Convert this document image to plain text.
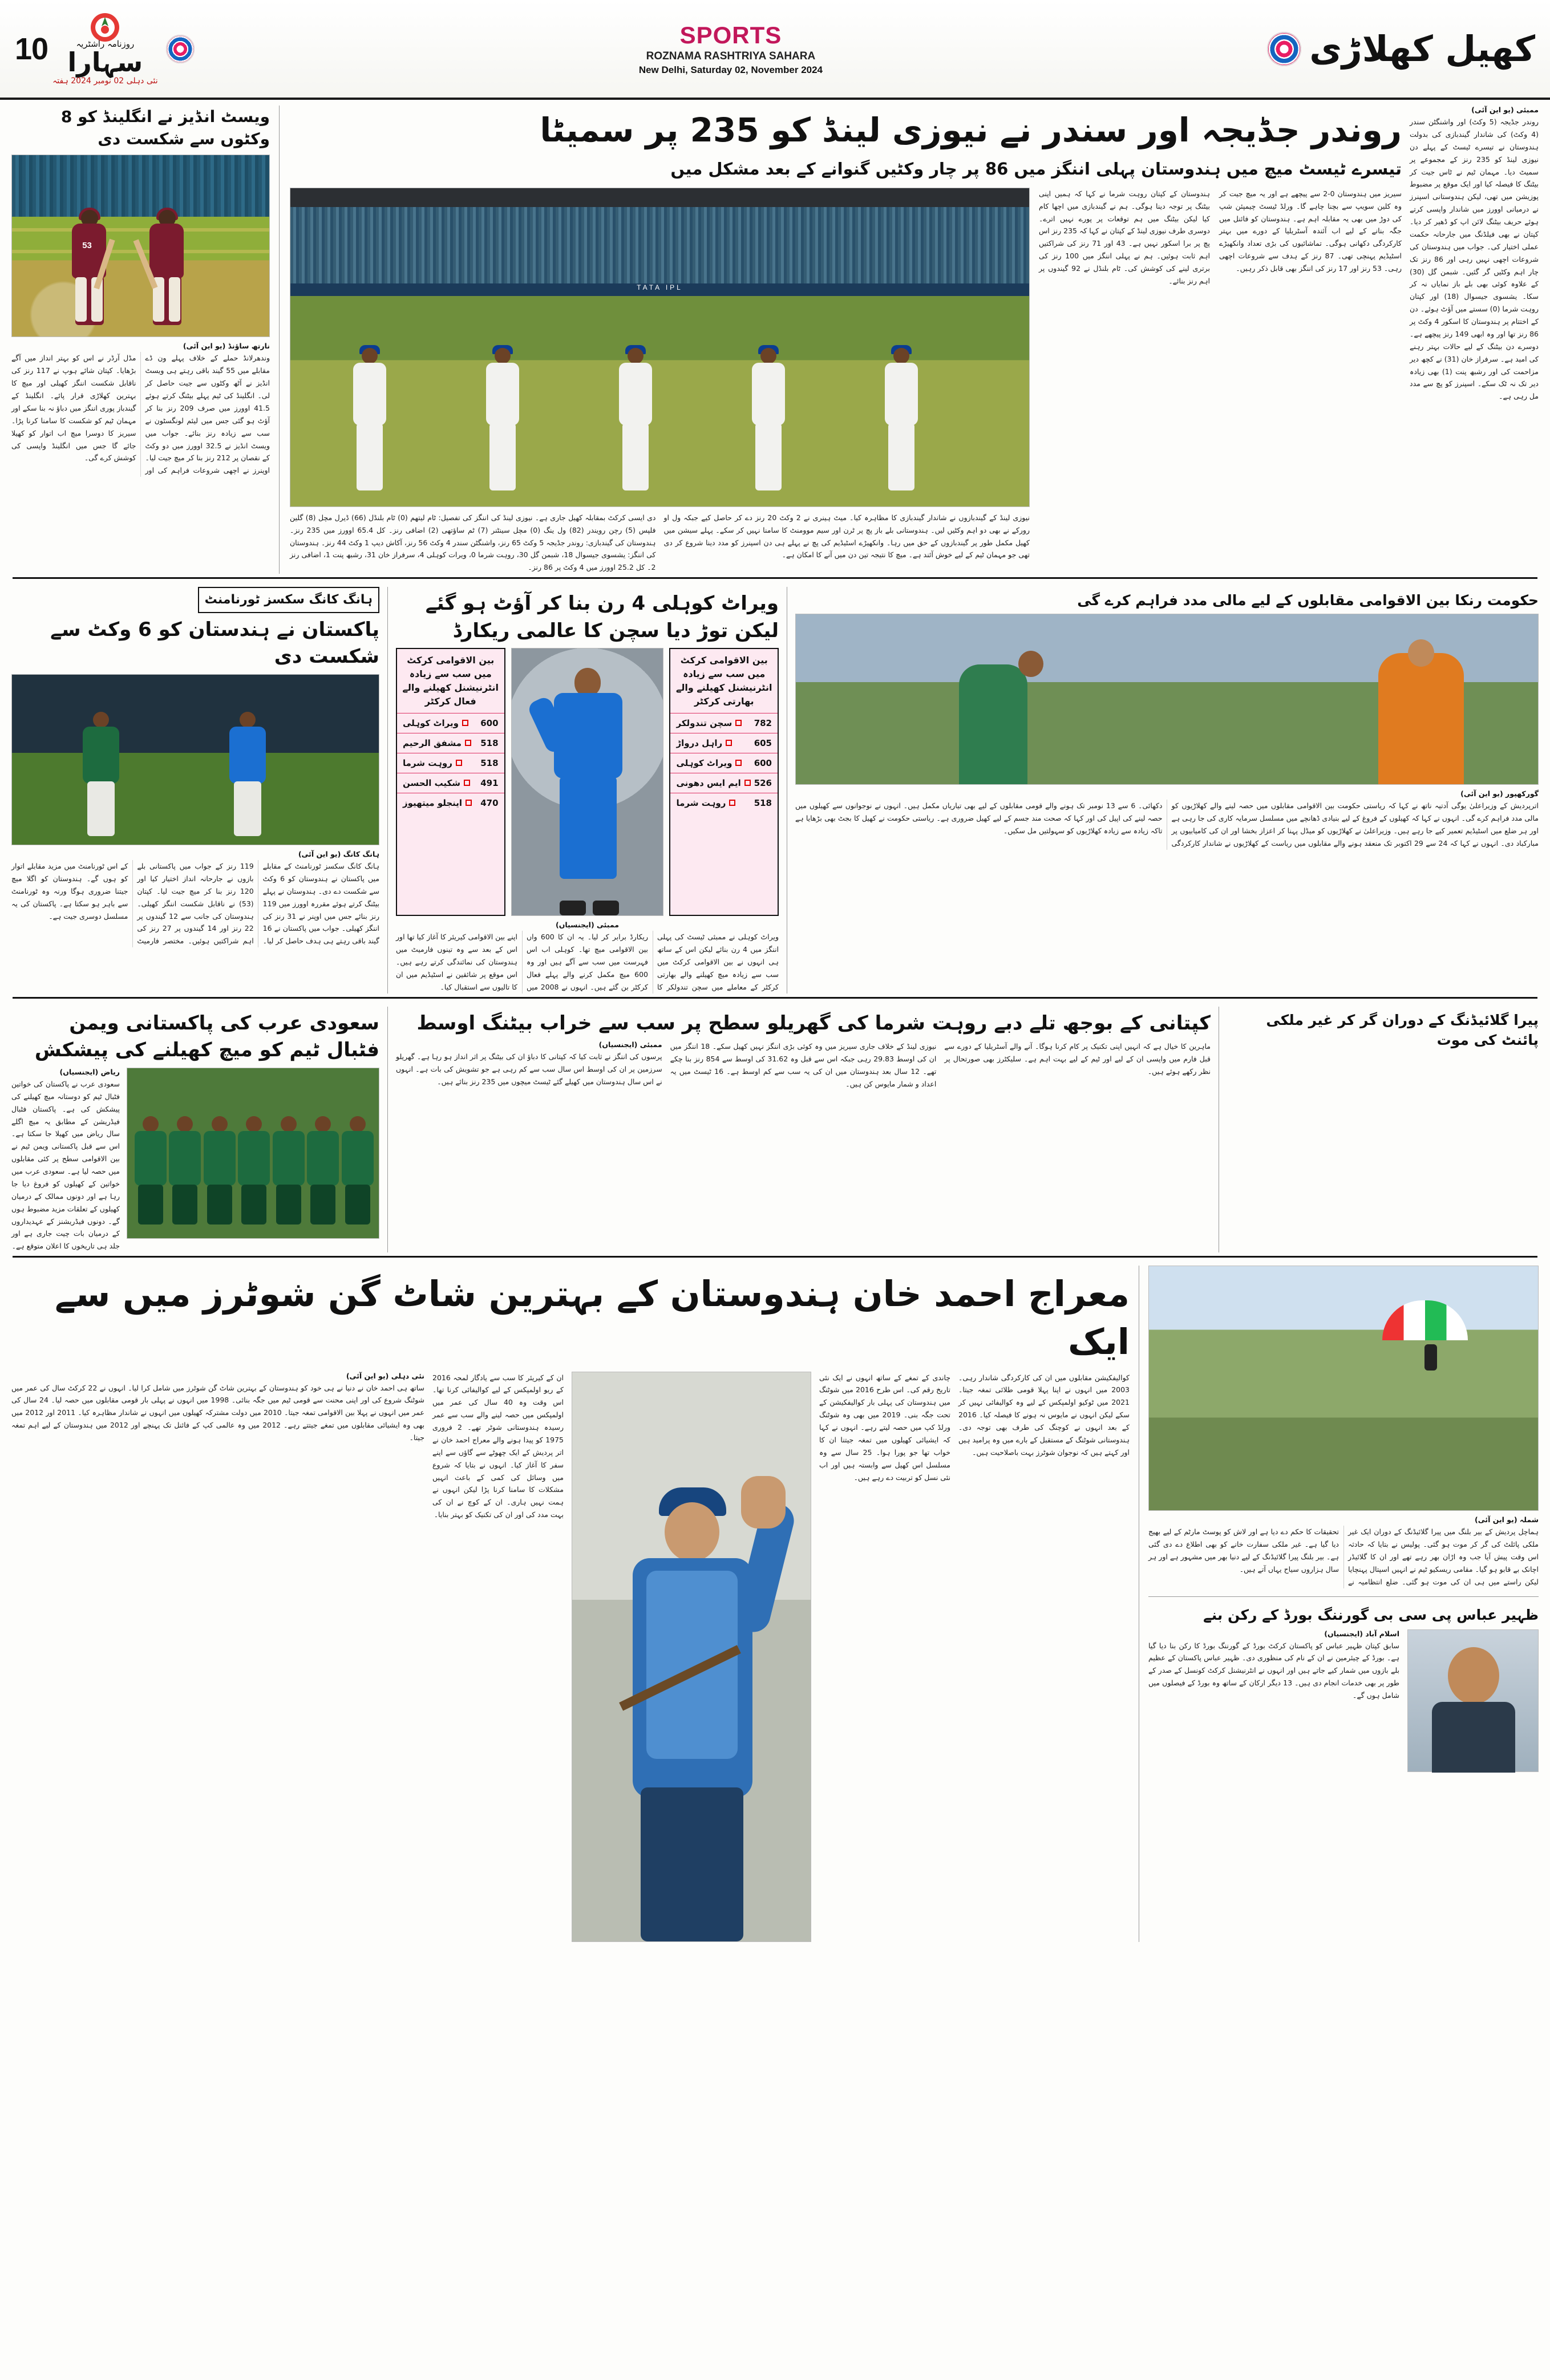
10	روزنامہ راشٹریہ
سہارا
نئی دہلی 02 نومبر 2024 ہفتہ
SPORTS
ROZNAMA RASHTRIYA SAHARA
New Delhi, Saturday 02, November 2024
کھیل کھلاڑی
ویسٹ انڈیز نے انگلینڈ کو 8 وکٹوں سے شکست دی
53
نارتھ ساؤنڈ (یو این آئی)
وندھرلانڈ حملے کے خلاف پہلے ون ڈے مقابلے میں 55 گیند باقی رہتے ہی ویسٹ انڈیز نے آٹھ وکٹوں سے جیت حاصل کر لی۔ انگلینڈ کی ٹیم پہلے بیٹنگ کرتے ہوئے 41.5 اوورز میں صرف 209 رنز بنا کر آؤٹ ہو گئی جس میں لیئم لونگسٹون نے سب سے زیادہ رنز بنائے۔ جواب میں ویسٹ انڈیز نے 32.5 اوورز میں دو وکٹ کے نقصان پر 212 رنز بنا کر میچ جیت لیا۔ اوپنرز نے اچھی شروعات فراہم کی اور مڈل آرڈر نے اس کو بہتر انداز میں آگے بڑھایا۔ کپتان شائے ہوپ نے 117 رنز کی ناقابل شکست اننگز کھیلی اور میچ کا بہترین کھلاڑی قرار پائے۔ انگلینڈ کے گیندباز پوری اننگز میں دباؤ نہ بنا سکے اور مہمان ٹیم کو شکست کا سامنا کرنا پڑا۔ سیریز کا دوسرا میچ اب اتوار کو کھیلا جائے گا جس میں انگلینڈ واپسی کی کوشش کرے گی۔
روندر جڈیجہ اور سندر نے نیوزی لینڈ کو 235 پر سمیٹا
تیسرے ٹیسٹ میچ میں ہندوستان پہلی اننگز میں 86 پر چار وکٹیں گنوانے کے بعد مشکل میں
سیریز میں ہندوستان 0-2 سے پیچھے ہے اور یہ میچ جیت کر وہ کلین سویپ سے بچنا چاہے گا۔ ورلڈ ٹیسٹ چیمپئن شپ کی دوڑ میں بھی یہ مقابلہ اہم ہے۔ ہندوستان کو فائنل میں جگہ بنانے کے لیے اب آئندہ آسٹریلیا کے دورے میں بہتر کارکردگی دکھانی ہوگی۔ تماشائیوں کی بڑی تعداد وانکھیڑے اسٹیڈیم پہنچی تھی۔ 87 رنز کے ہدف سے شروعات اچھی رہی۔ 53 رنز اور 17 رنز کی اننگز بھی قابل ذکر رہیں۔
ہندوستان کے کپتان روہت شرما نے کہا کہ ہمیں اپنی بیٹنگ پر توجہ دینا ہوگی۔ ہم نے گیندبازی میں اچھا کام کیا لیکن بیٹنگ میں ہم توقعات پر پورے نہیں اترے۔ دوسری طرف نیوزی لینڈ کے کپتان نے کہا کہ 235 رنز اس پچ پر برا اسکور نہیں ہے۔ 43 اور 71 رنز کی شراکتیں اہم ثابت ہوئیں۔ ہم نے پہلی اننگز میں 100 رنز کی برتری لینے کی کوشش کی۔ ٹام بلنڈل نے 92 گیندوں پر اہم رنز بنائے۔
TATA IPL
نیوزی لینڈ کے گیندبازوں نے شاندار گیندبازی کا مظاہرہ کیا۔ میٹ ہینری نے 2 وکٹ 20 رنز دے کر حاصل کیے جبکہ ول او رورکے نے بھی دو اہم وکٹیں لیں۔ ہندوستانی بلے باز پچ پر ٹرن اور سیم موومنٹ کا سامنا نہیں کر سکے۔ پہلے سیشن میں کھیل مکمل طور پر گیندبازوں کے حق میں رہا۔ وانکھیڑے اسٹیڈیم کی پچ نے پہلے ہی دن اسپنرز کو مدد دینا شروع کر دی تھی جو مہمان ٹیم کے لیے خوش آئند ہے۔ میچ کا نتیجہ تین دن میں آنے کا امکان ہے۔
دی ایسی کرکٹ بمقابلہ کھیل جاری ہے۔ نیوزی لینڈ کی اننگز کی تفصیل: ٹام لیتھم (0) ٹام بلنڈل (66) ڈیرل مچل (8) گلین فلپس (5) رچن رویندر (82) ول ینگ (0) مچل سینٹنر (7) ٹم ساؤتھی (2) اضافی رنز۔ کل 65.4 اوورز میں 235 رنز۔ ہندوستان کی گیندبازی: روندر جڈیجہ 5 وکٹ 65 رنز، واشنگٹن سندر 4 وکٹ 56 رنز، آکاش دیپ 1 وکٹ 44 رنز۔ ہندوستان کی اننگز: یشسوی جیسوال 18، شبمن گل 30، روہت شرما 0، ویرات کوہلی 4، سرفراز خان 31، رشبھ پنت 1، اضافی رنز 2۔ کل 25.2 اوورز میں 4 وکٹ پر 86 رنز۔
ممبئی (یو این آئی)
روندر جڈیجہ (5 وکٹ) اور واشنگٹن سندر (4 وکٹ) کی شاندار گیندبازی کی بدولت ہندوستان نے تیسرے ٹیسٹ کے پہلے دن نیوزی لینڈ کو 235 رنز کے مجموعے پر سمیٹ دیا۔ مہمان ٹیم نے ٹاس جیت کر بیٹنگ کا فیصلہ کیا اور ایک موقع پر مضبوط پوزیشن میں تھی، لیکن ہندوستانی اسپنرز نے درمیانی اوورز میں شاندار واپسی کرتے ہوئے حریف بیٹنگ لائن اپ کو ڈھیر کر دیا۔ کپتان نے بھی فیلڈنگ میں جارحانہ حکمت عملی اختیار کی۔ جواب میں ہندوستان کی شروعات اچھی نہیں رہی اور 86 رنز تک چار اہم وکٹیں گر گئیں۔ شبمن گل (30) کے علاوہ کوئی بھی بلے باز نمایاں نہ کر سکا۔ یشسوی جیسوال (18) اور کپتان روہت شرما (0) سستے میں آؤٹ ہوئے۔ دن کے اختتام پر ہندوستان کا اسکور 4 وکٹ پر 86 رنز تھا اور وہ ابھی 149 رنز پیچھے ہے۔ دوسرے دن بیٹنگ کے لیے حالات بہتر رہنے کی امید ہے۔ سرفراز خان (31) نے کچھ دیر مزاحمت کی اور رشبھ پنت (1) بھی زیادہ دیر تک نہ ٹک سکے۔ اسپنرز کو پچ سے مدد مل رہی ہے۔
ہانگ کانگ سکسز ٹورنامنٹ
پاکستان نے ہندستان کو 6 وکٹ سے شکست دی
ہانگ کانگ (یو این آئی)
ہانگ کانگ سکسز ٹورنامنٹ کے مقابلے میں پاکستان نے ہندوستان کو 6 وکٹ سے شکست دے دی۔ ہندوستان نے پہلے بیٹنگ کرتے ہوئے مقررہ اوورز میں 119 رنز بنائے جس میں اوپنر نے 31 رنز کی اننگز کھیلی۔ جواب میں پاکستان نے 16 گیند باقی رہتے ہی ہدف حاصل کر لیا۔ 119 رنز کے جواب میں پاکستانی بلے بازوں نے جارحانہ انداز اختیار کیا اور 120 رنز بنا کر میچ جیت لیا۔ کپتان (53) نے ناقابل شکست اننگز کھیلی۔ ہندوستان کی جانب سے 12 گیندوں پر 22 رنز اور 14 گیندوں پر 27 رنز کی اہم شراکتیں ہوئیں۔ مختصر فارمیٹ کے اس ٹورنامنٹ میں مزید مقابلے اتوار کو ہوں گے۔ ہندوستان کو اگلا میچ جیتنا ضروری ہوگا ورنہ وہ ٹورنامنٹ سے باہر ہو سکتا ہے۔ پاکستان کی یہ مسلسل دوسری جیت ہے۔
ویراٹ کوہلی 4 رن بنا کر آؤٹ ہو گئے لیکن توڑ دیا سچن کا عالمی ریکارڈ
بین الاقوامی کرکٹ میں سب سے زیادہ انٹرنیشنل کھیلنے والے بھارتی کرکٹر
782
سچن تندولکر
605
راہل درواڑ
600
ویراٹ کوہلی
526
ایم ایس دھونی
518
روہت شرما
بین الاقوامی کرکٹ میں سب سے زیادہ انٹرنیشنل کھیلنے والے فعال کرکٹر
600
ویراٹ کوہلی
518
مشفق الرحیم
518
روہت شرما
491
شکیب الحسن
470
اینجلو میتھیوز
ممبئی (ایجنسیاں)
ویراٹ کوہلی نے ممبئی ٹیسٹ کی پہلی اننگز میں 4 رن بنائے لیکن اس کے ساتھ ہی انہوں نے بین الاقوامی کرکٹ میں سب سے زیادہ میچ کھیلنے والے بھارتی کرکٹر کے معاملے میں سچن تندولکر کا ریکارڈ برابر کر لیا۔ یہ ان کا 600 واں بین الاقوامی میچ تھا۔ کوہلی اب اس فہرست میں سب سے آگے ہیں اور وہ 600 میچ مکمل کرنے والے پہلے فعال کرکٹر بن گئے ہیں۔ انہوں نے 2008 میں اپنے بین الاقوامی کیریئر کا آغاز کیا تھا اور اس کے بعد سے وہ تینوں فارمیٹ میں ہندوستان کی نمائندگی کرتے رہے ہیں۔ اس موقع پر شائقین نے اسٹیڈیم میں ان کا تالیوں سے استقبال کیا۔
حکومت رنکا بین الاقوامی مقابلوں کے لیے مالی مدد فراہم کرے گی
گورکھپور (یو این آئی)
اترپردیش کے وزیراعلیٰ یوگی آدتیہ ناتھ نے کہا کہ ریاستی حکومت بین الاقوامی مقابلوں میں حصہ لینے والے کھلاڑیوں کو مالی مدد فراہم کرے گی۔ انہوں نے کہا کہ کھیلوں کے فروغ کے لیے بنیادی ڈھانچے میں مسلسل سرمایہ کاری کی جا رہی ہے اور ہر ضلع میں اسٹیڈیم تعمیر کیے جا رہے ہیں۔ وزیراعلیٰ نے کھلاڑیوں کو میڈل پہنا کر اعزاز بخشا اور ان کی کامیابیوں پر مبارکباد دی۔ انہوں نے کہا کہ 24 سے 29 اکتوبر تک منعقد ہونے والے مقابلوں میں ریاست کے کھلاڑیوں نے شاندار کارکردگی دکھائی۔ 6 سے 13 نومبر تک ہونے والے قومی مقابلوں کے لیے بھی تیاریاں مکمل ہیں۔ انہوں نے نوجوانوں سے کھیلوں میں حصہ لینے کی اپیل کی اور کہا کہ صحت مند جسم کے لیے کھیل ضروری ہے۔ ریاستی حکومت نے کھیل کا بجٹ بھی بڑھایا ہے تاکہ زیادہ سے زیادہ کھلاڑیوں کو سہولتیں مل سکیں۔
سعودی عرب کی پاکستانی ویمن فٹبال ٹیم کو میچ کھیلنے کی پیشکش
ریاض (ایجنسیاں)
سعودی عرب نے پاکستان کی خواتین فٹبال ٹیم کو دوستانہ میچ کھیلنے کی پیشکش کی ہے۔ پاکستان فٹبال فیڈریشن کے مطابق یہ میچ اگلے سال ریاض میں کھیلا جا سکتا ہے۔ اس سے قبل پاکستانی ویمن ٹیم نے بین الاقوامی سطح پر کئی مقابلوں میں حصہ لیا ہے۔ سعودی عرب میں خواتین کے کھیلوں کو فروغ دیا جا رہا ہے اور دونوں ممالک کے درمیان کھیلوں کے تعلقات مزید مضبوط ہوں گے۔ دونوں فیڈریشنز کے عہدیداروں کے درمیان بات چیت جاری ہے اور جلد ہی تاریخوں کا اعلان متوقع ہے۔
کپتانی کے بوجھ تلے دبے روہت شرما کی گھریلو سطح پر سب سے خراب بیٹنگ اوسط
ماہرین کا خیال ہے کہ انہیں اپنی تکنیک پر کام کرنا ہوگا۔ آنے والے آسٹریلیا کے دورے سے قبل فارم میں واپسی ان کے لیے اور ٹیم کے لیے بہت اہم ہے۔ سلیکٹرز بھی صورتحال پر نظر رکھے ہوئے ہیں۔
نیوزی لینڈ کے خلاف جاری سیریز میں وہ کوئی بڑی اننگز نہیں کھیل سکے۔ 18 اننگز میں ان کی اوسط 29.83 رہی جبکہ اس سے قبل وہ 31.62 کی اوسط سے 854 رنز بنا چکے تھے۔ 12 سال بعد ہندوستان میں ان کی یہ سب سے کم اوسط ہے۔ 16 ٹیسٹ میں یہ اعداد و شمار مایوس کن ہیں۔
ممبئی (ایجنسیاں)
پرسوں کی اننگز نے ثابت کیا کہ کپتانی کا دباؤ ان کی بیٹنگ پر اثر انداز ہو رہا ہے۔ گھریلو سرزمین پر ان کی اوسط اس سال سب سے کم رہی ہے جو تشویش کی بات ہے۔ انہوں نے اس سال ہندوستان میں کھیلے گئے ٹیسٹ میچوں میں 235 رنز بنائے ہیں۔
پیرا گلائیڈنگ کے دوران گر کر غیر ملکی پائنٹ کی موت
معراج احمد خان ہندوستان کے بہترین شاٹ گن شوٹرز میں سے ایک
کوالیفکیشن مقابلوں میں ان کی کارکردگی شاندار رہی۔ 2003 میں انہوں نے اپنا پہلا قومی طلائی تمغہ جیتا۔ 2021 میں ٹوکیو اولمپکس کے لیے وہ کوالیفائی نہیں کر سکے لیکن انہوں نے مایوس نہ ہونے کا فیصلہ کیا۔ 2016 کے بعد انہوں نے کوچنگ کی طرف بھی توجہ دی۔ ہندوستانی شوٹنگ کے مستقبل کے بارے میں وہ پرامید ہیں اور کہتے ہیں کہ نوجوان شوٹرز بہت باصلاحیت ہیں۔
چاندی کے تمغے کے ساتھ انہوں نے ایک نئی تاریخ رقم کی۔ اس طرح 2016 میں شوٹنگ میں ہندوستان کی پہلی بار کوالیفکیشن کے تحت جگہ بنی۔ 2019 میں بھی وہ شوٹنگ ورلڈ کپ میں حصہ لیتے رہے۔ انہوں نے کہا کہ ایشیائی کھیلوں میں تمغہ جیتنا ان کا خواب تھا جو پورا ہوا۔ 25 سال سے وہ مسلسل اس کھیل سے وابستہ ہیں اور اب نئی نسل کو تربیت دے رہے ہیں۔
ان کے کیریئر کا سب سے یادگار لمحہ 2016 کے ریو اولمپکس کے لیے کوالیفائی کرنا تھا۔ اس وقت وہ 40 سال کی عمر میں اولمپکس میں حصہ لینے والے سب سے عمر رسیدہ ہندوستانی شوٹر تھے۔ 2 فروری 1975 کو پیدا ہونے والے معراج احمد خان نے اتر پردیش کے ایک چھوٹے سے گاؤں سے اپنے سفر کا آغاز کیا۔ انہوں نے بتایا کہ شروع میں وسائل کی کمی کے باعث انہیں مشکلات کا سامنا کرنا پڑا لیکن انہوں نے ہمت نہیں ہاری۔ ان کے کوچ نے ان کی بہت مدد کی اور ان کی تکنیک کو بہتر بنایا۔
نئی دہلی (یو این آئی)
ساتھ ہی احمد خان نے دنیا نے ہی خود کو ہندوستان کے بہترین شاٹ گن شوٹرز میں شامل کرا لیا۔ انہوں نے 22 کرکٹ سال کی عمر میں شوٹنگ شروع کی اور اپنی محنت سے قومی ٹیم میں جگہ بنائی۔ 1998 میں انہوں نے پہلی بار قومی مقابلوں میں حصہ لیا۔ 24 سال کی عمر میں انہوں نے پہلا بین الاقوامی تمغہ جیتا۔ 2010 میں دولت مشترکہ کھیلوں میں انہوں نے شاندار مظاہرہ کیا۔ 2011 اور 2012 میں بھی وہ ایشیائی مقابلوں میں تمغے جیتتے رہے۔ 2012 میں وہ عالمی کپ کے فائنل تک پہنچے اور 2012 میں ہندوستان کے لیے اہم تمغہ جیتا۔
شملہ (یو این آئی)
ہماچل پردیش کے بیر بلنگ میں پیرا گلائیڈنگ کے دوران ایک غیر ملکی پائلٹ کی گر کر موت ہو گئی۔ پولیس نے بتایا کہ حادثہ اس وقت پیش آیا جب وہ اڑان بھر رہے تھے اور ان کا گلائیڈر اچانک بے قابو ہو گیا۔ مقامی ریسکیو ٹیم نے انہیں اسپتال پہنچایا لیکن راستے میں ہی ان کی موت ہو گئی۔ ضلع انتظامیہ نے تحقیقات کا حکم دے دیا ہے اور لاش کو پوسٹ مارٹم کے لیے بھیج دیا گیا ہے۔ غیر ملکی سفارت خانے کو بھی اطلاع دے دی گئی ہے۔ بیر بلنگ پیرا گلائیڈنگ کے لیے دنیا بھر میں مشہور ہے اور ہر سال ہزاروں سیاح یہاں آتے ہیں۔
ظہیر عباس پی سی بی گورننگ بورڈ کے رکن بنے
اسلام آباد (ایجنسیاں)
سابق کپتان ظہیر عباس کو پاکستان کرکٹ بورڈ کے گورننگ بورڈ کا رکن بنا دیا گیا ہے۔ بورڈ کے چیئرمین نے ان کے نام کی منظوری دی۔ ظہیر عباس پاکستان کے عظیم بلے بازوں میں شمار کیے جاتے ہیں اور انہوں نے انٹرنیشنل کرکٹ کونسل کے صدر کے طور پر بھی خدمات انجام دی ہیں۔ 13 دیگر ارکان کے ساتھ وہ بورڈ کے فیصلوں میں شامل ہوں گے۔
